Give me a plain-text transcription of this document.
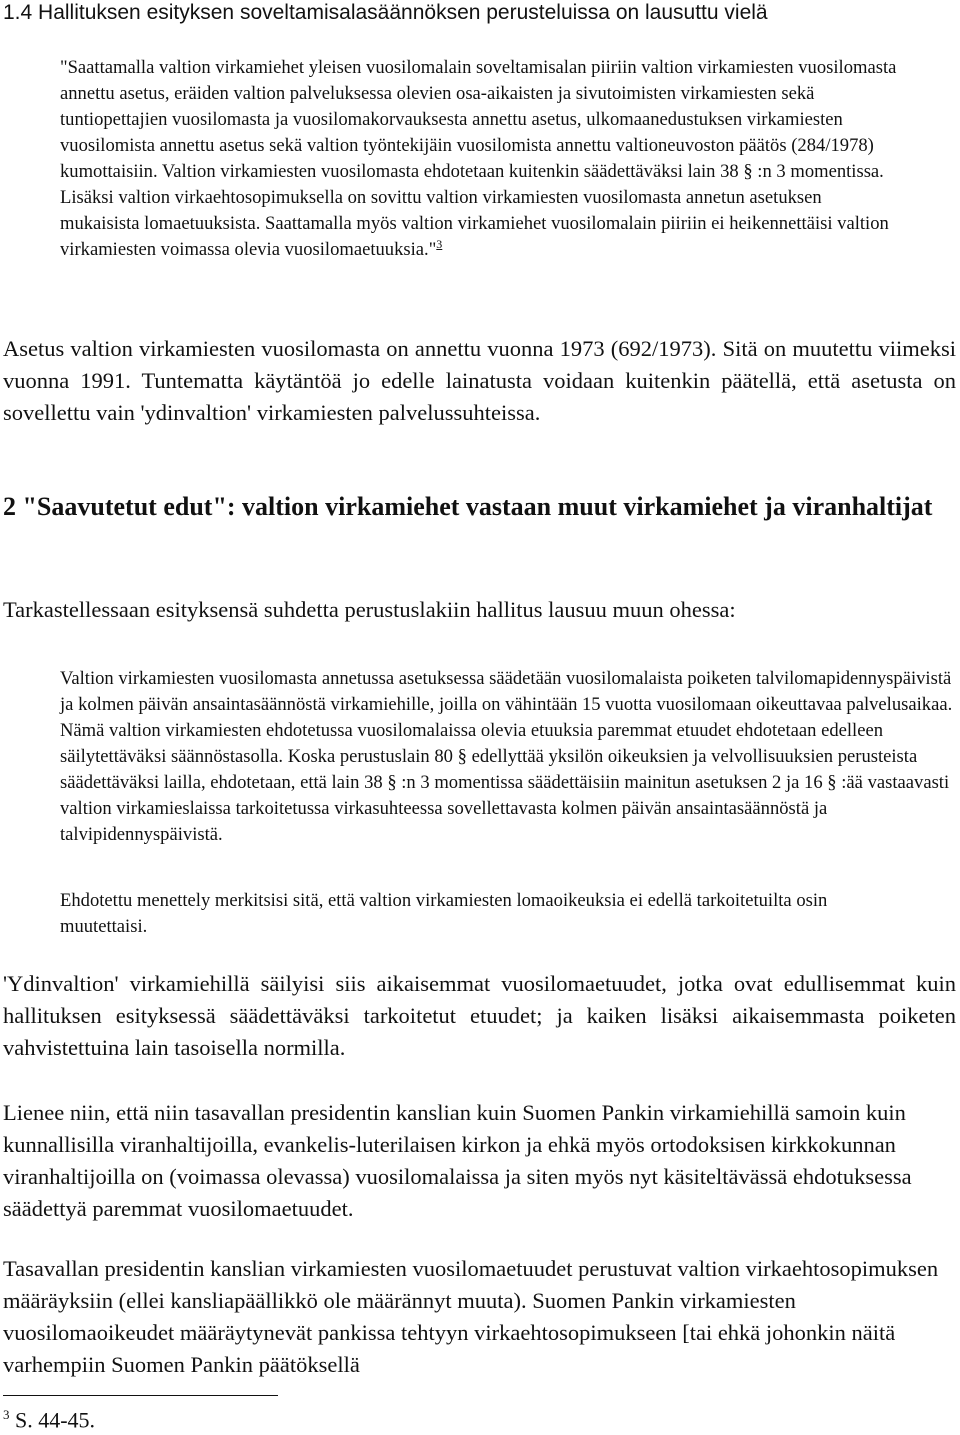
1.4 Hallituksen esityksen soveltamisalasäännöksen perusteluissa on lausuttu vielä
"Saattamalla valtion virkamiehet yleisen vuosilomalain soveltamisalan piiriin valtion virkamiesten vuosilomasta annettu asetus, eräiden valtion palveluksessa olevien osa-aikaisten ja sivutoimisten virkamiesten sekä tuntiopettajien vuosilomasta ja vuosilomakorvauksesta annettu asetus, ulkomaanedustuksen virkamiesten vuosilomista annettu asetus sekä valtion työntekijäin vuosilomista annettu valtioneuvoston päätös (284/1978) kumottaisiin. Valtion virkamiesten vuosilomasta ehdotetaan kuitenkin säädettäväksi lain 38 § :n 3 momentissa. Lisäksi valtion virkaehtosopimuksella on sovittu valtion virkamiesten vuosilomasta annetun asetuksen mukaisista lomaetuuksista. Saattamalla myös valtion virkamiehet vuosilomalain piiriin ei heikennettäisi valtion virkamiesten voimassa olevia vuosilomaetuuksia."$^3$

Asetus valtion virkamiesten vuosilomasta on annettu vuonna 1973 (692/1973). Sitä on muutettu viimeksi vuonna 1991. Tuntematta käytäntöä jo edelle lainatusta voidaan kuitenkin päätellä, että asetusta on sovellettu vain 'ydinvaltion' virkamiesten palvelussuhteissa.

2 "Saavutetut edut": valtion virkamiehet vastaan muut virkamiehet ja viranhaltijat

Tarkastellessaan esityksensä suhdetta perustuslakiin hallitus lausuu muun ohessa:

Valtion virkamiesten vuosilomasta annetussa asetuksessa säädetään vuosilomalaista poiketen talvilomapidennyspäivistä ja kolmen päivän ansaintasäännöstä virkamiehille, joilla on vähintään 15 vuotta vuosilomaan oikeuttavaa palvelusaikaa. Nämä valtion virkamiesten ehdotetussa vuosilomalaissa olevia etuuksia paremmat etuudet ehdotetaan edelleen säilytettäväksi säännöstasolla. Koska perustuslain 80 § edellyttää yksilön oikeuksien ja velvollisuuksien perusteista säädettäväksi lailla, ehdotetaan, että lain 38 § :n 3 momentissa säädettäisiin mainitun asetuksen 2 ja 16 § :ää vastaavasti valtion virkamieslaissa tarkoitetussa virkasuhteessa sovellettavasta kolmen päivän ansaintasäännöstä ja talvipidennyspäivistä.

Ehdotettu menettely merkitsisi sitä, että valtion virkamiesten lomaoikeuksia ei edellä tarkoitetuilta osin muutettaisi.

'Ydinvaltion' virkamiehillä säilyisi siis aikaisemmat vuosilomaetuudet, jotka ovat edullisemmat kuin hallituksen esityksessä säädettäväksi tarkoitetut etuudet; ja kaiken lisäksi aikaisemmasta poiketen vahvistettuina lain tasoisella normilla.

Lienee niin, että niin tasavallan presidentin kanslian kuin Suomen Pankin virkamiehillä samoin kuin kunnallisilla viranhaltijoilla, evankelis-luterilaisen kirkon ja ehkä myös ortodoksisen kirkkokunnan viranhaltijoilla on (voimassa olevassa) vuosilomalaissa ja siten myös nyt käsiteltävässä ehdotuksessa säädettyä paremmat vuosilomaetuudet.

Tasavallan presidentin kanslian virkamiesten vuosilomaetuudet perustuvat valtion virkaehtosopimuksen määräyksiin (ellei kansliapäällikkö ole määrännyt muuta). Suomen Pankin virkamiesten vuosilomaoikeudet määräytynevät pankissa tehtyyn virkaehtosopimukseen [tai ehkä johonkin näitä varhempiin Suomen Pankin päätöksellä

$^3$ S. 44-45.
